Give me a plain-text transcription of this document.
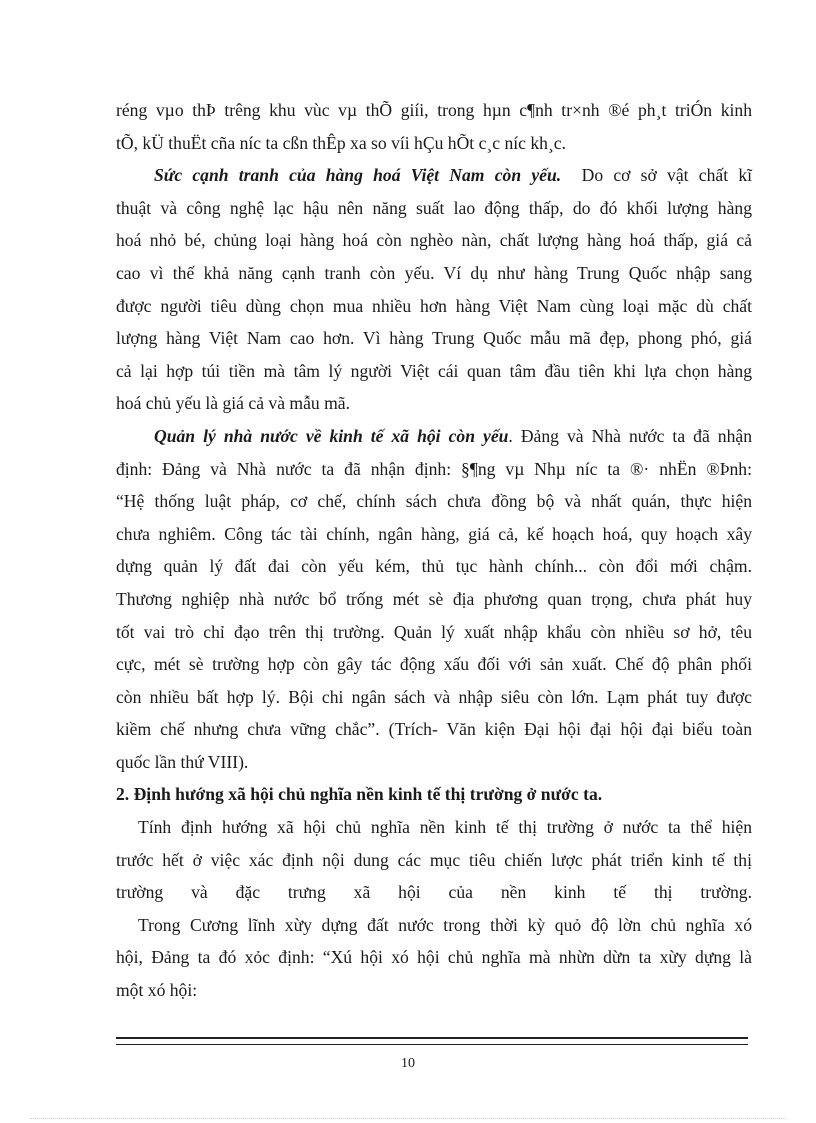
réng vµo thÞ trêng khu vùc vµ thÕ giíi, trong hµn c¶nh tr×nh ®é ph¸t triÓn kinh
tÕ, kÜ thuËt cña níc ta cßn thÊp xa so víi hÇu hÕt c¸c níc kh¸c.

Sức cạnh tranh của hàng hoá Việt Nam còn yếu. Do cơ sở vật chất kĩ
thuật và công nghệ lạc hậu nên năng suất lao động thấp, do đó khối lượng hàng
hoá nhỏ bé, chủng loại hàng hoá còn nghèo nàn, chất lượng hàng hoá thấp, giá cả
cao vì thế khả năng cạnh tranh còn yếu. Ví dụ như hàng Trung Quốc nhập sang
được người tiêu dùng chọn mua nhiều hơn hàng Việt Nam cùng loại mặc dù chất
lượng hàng Việt Nam cao hơn. Vì hàng Trung Quốc mẫu mã đẹp, phong phó, giá
cả lại hợp túi tiền mà tâm lý người Việt cái quan tâm đầu tiên khi lựa chọn hàng
hoá chủ yếu là giá cả và mẫu mã.

Quản lý nhà nước về kinh tế xã hội còn yếu. Đảng và Nhà nước ta đã nhận
định: Đảng và Nhà nước ta đã nhận định: §¶ng vµ Nhµ níc ta ®· nhËn ®Þnh:
“Hệ thống luật pháp, cơ chế, chính sách chưa đồng bộ và nhất quán, thực hiện
chưa nghiêm. Công tác tài chính, ngân hàng, giá cả, kế hoạch hoá, quy hoạch xây
dựng quản lý đất đai còn yếu kém, thủ tục hành chính... còn đổi mới chậm.
Thương nghiệp nhà nước bổ trống mét sè địa phương quan trọng, chưa phát huy
tốt vai trò chỉ đạo trên thị trường. Quản lý xuất nhập khẩu còn nhiều sơ hở, têu
cực, mét sè trường hợp còn gây tác động xấu đối với sản xuất. Chế độ phân phối
còn nhiều bất hợp lý. Bội chi ngân sách và nhập siêu còn lớn. Lạm phát tuy được
kiềm chế nhưng chưa vững chắc”. (Trích- Văn kiện Đại hội đại hội đại biểu toàn
quốc lần thứ VIII).

2. Định hướng xã hội chủ nghĩa nền kinh tế thị trường ở nước ta.

Tính định hướng xã hội chủ nghĩa nền kinh tế thị trường ở nước ta thể hiện
trước hết ở việc xác định nội dung các mục tiêu chiến lược phát triển kinh tế thị
trường và đặc trưng xã hội của nền kinh tế thị trường.

Trong Cương lĩnh xừy dựng đất nước trong thời kỳ quỏ độ lờn chủ nghĩa xó
hội, Đảng ta đó xỏc định: “Xú hội xó hội chủ nghĩa mà nhừn dừn ta xừy dựng là
một xó hội:

10
